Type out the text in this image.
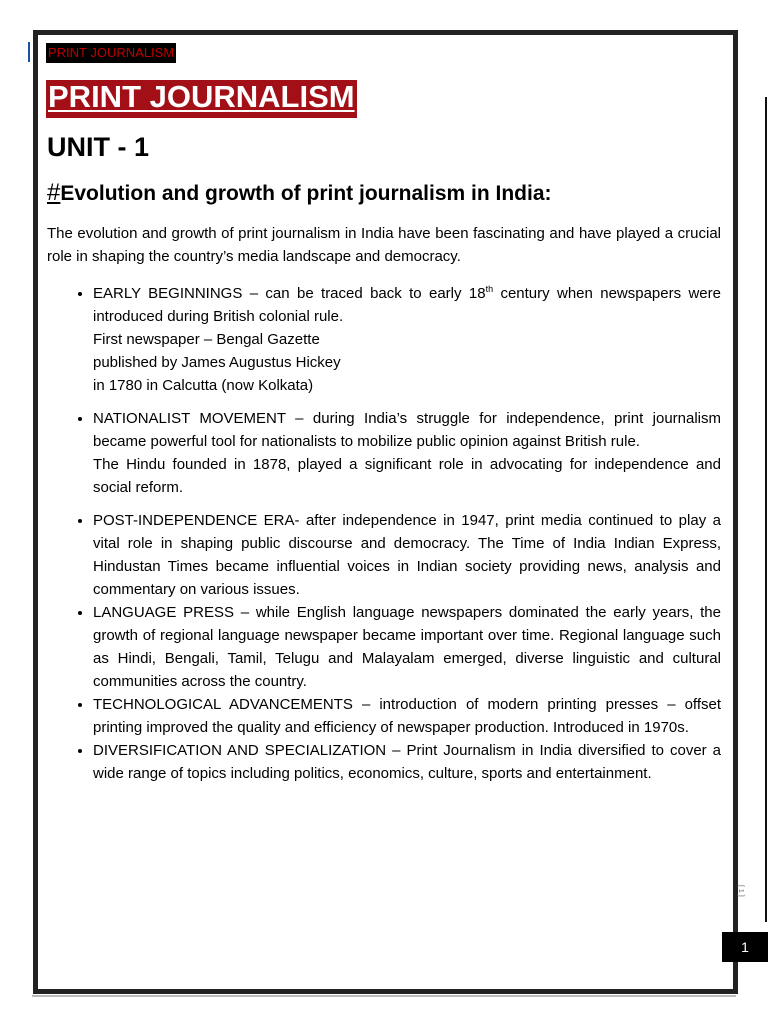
PRINT JOURNALISM
PRINT JOURNALISM
UNIT - 1
#Evolution and growth of print journalism in India:

The evolution and growth of print journalism in India have been fascinating and have played a crucial role in shaping the country’s media landscape and democracy.

• EARLY BEGINNINGS – can be traced back to early 18th century when newspapers were introduced during British colonial rule.

First newspaper – Bengal Gazette

published by James Augustus Hickey

in 1780 in Calcutta (now Kolkata)

• NATIONALIST MOVEMENT – during India’s struggle for independence, print journalism became powerful tool for nationalists to mobilize public opinion against British rule.

The Hindu founded in 1878, played a significant role in advocating for independence and social reform.

• POST-INDEPENDENCE ERA- after independence in 1947, print media continued to play a vital role in shaping public discourse and democracy. The Time of India Indian Express, Hindustan Times became influential voices in Indian society providing news, analysis and commentary on various issues.
• LANGUAGE PRESS – while English language newspapers dominated the early years, the growth of regional language newspaper became important over time. Regional language such as Hindi, Bengali, Tamil, Telugu and Malayalam emerged, diverse linguistic and cultural communities across the country.
• TECHNOLOGICAL ADVANCEMENTS – introduction of modern printing presses – offset printing improved the quality and efficiency of newspaper production. Introduced in 1970s.
• DIVERSIFICATION AND SPECIALIZATION – Print Journalism in India diversified to cover a wide range of topics including politics, economics, culture, sports and entertainment.
[ 1 ]
1
